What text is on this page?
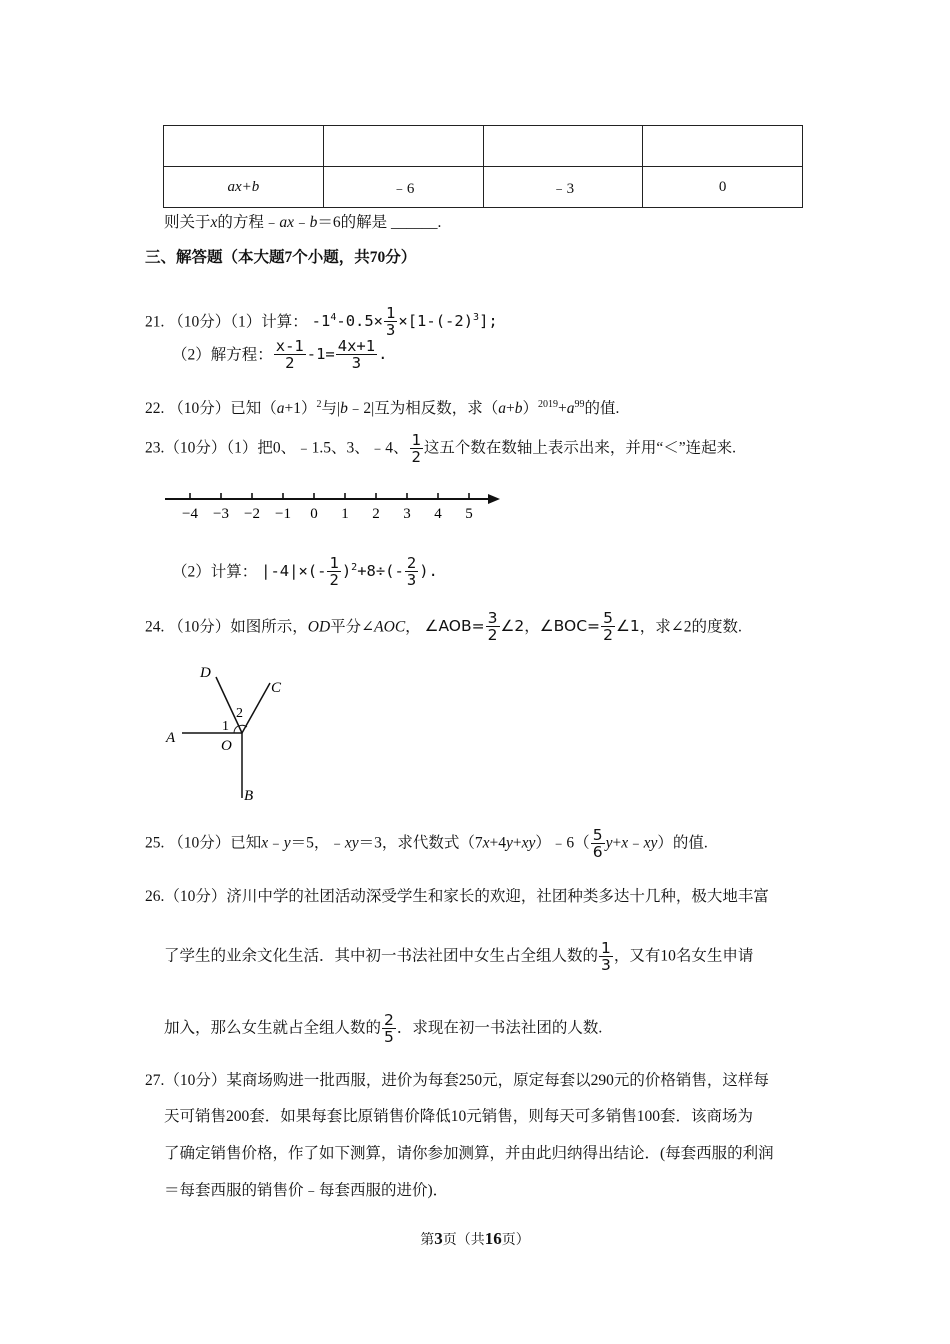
ax+b	﹣6	﹣3	0
则关于x的方程﹣ax﹣b＝6的解是 ______.
三、解答题（本大题7个小题，共70分）
21. （10分）（1）计算： $-1^4-0.5\times \frac{1}{3} \times[1-(-2)^3]$;
（2）解方程： $\frac{x-1}{2} -1= \frac{4x+1}{3}$ .
22. （10分）已知$(a+1)^2$与|b﹣2|互为相反数，求$(a+b)^{2019}+a^{99}$的值.
23.（10分）（1）把0、﹣1.5、3、﹣4、 $\frac{1}{2}$ 这五个数在数轴上表示出来，并用“＜”连起来.
−4 −3 −2 −1 0 1 2 3 4 5
（2）计算： $|-4|\times(- \frac{1}{2} )^2+8\div(- \frac{2}{3}$ ).
24. （10分）如图所示，OD平分∠AOC， ∠AOB= $\frac{3}{2}$ ∠2，∠BOC= $\frac{5}{2}$ ∠1，求∠2的度数.
D
C
A	O
B
1
2
25. （10分）已知x﹣y＝5，﹣xy＝3，求代数式（7x+4y+xy）﹣6（ $\frac{5}{6}$ y+x﹣xy）的值.
26.（10分）济川中学的社团活动深受学生和家长的欢迎，社团种类多达十几种，极大地丰富
了学生的业余文化生活．其中初一书法社团中女生占全组人数的 $\frac{1}{3}$ ，又有10名女生申请
加入，那么女生就占全组人数的 $\frac{2}{5}$ ．求现在初一书法社团的人数.
27.（10分）某商场购进一批西服，进价为每套250元，原定每套以290元的价格销售，这样每
天可销售200套．如果每套比原销售价降低10元销售，则每天可多销售100套．该商场为
了确定销售价格，作了如下测算，请你参加测算，并由此归纳得出结论．(每套西服的利润
＝每套西服的销售价﹣每套西服的进价)．
第3页（共16页）
